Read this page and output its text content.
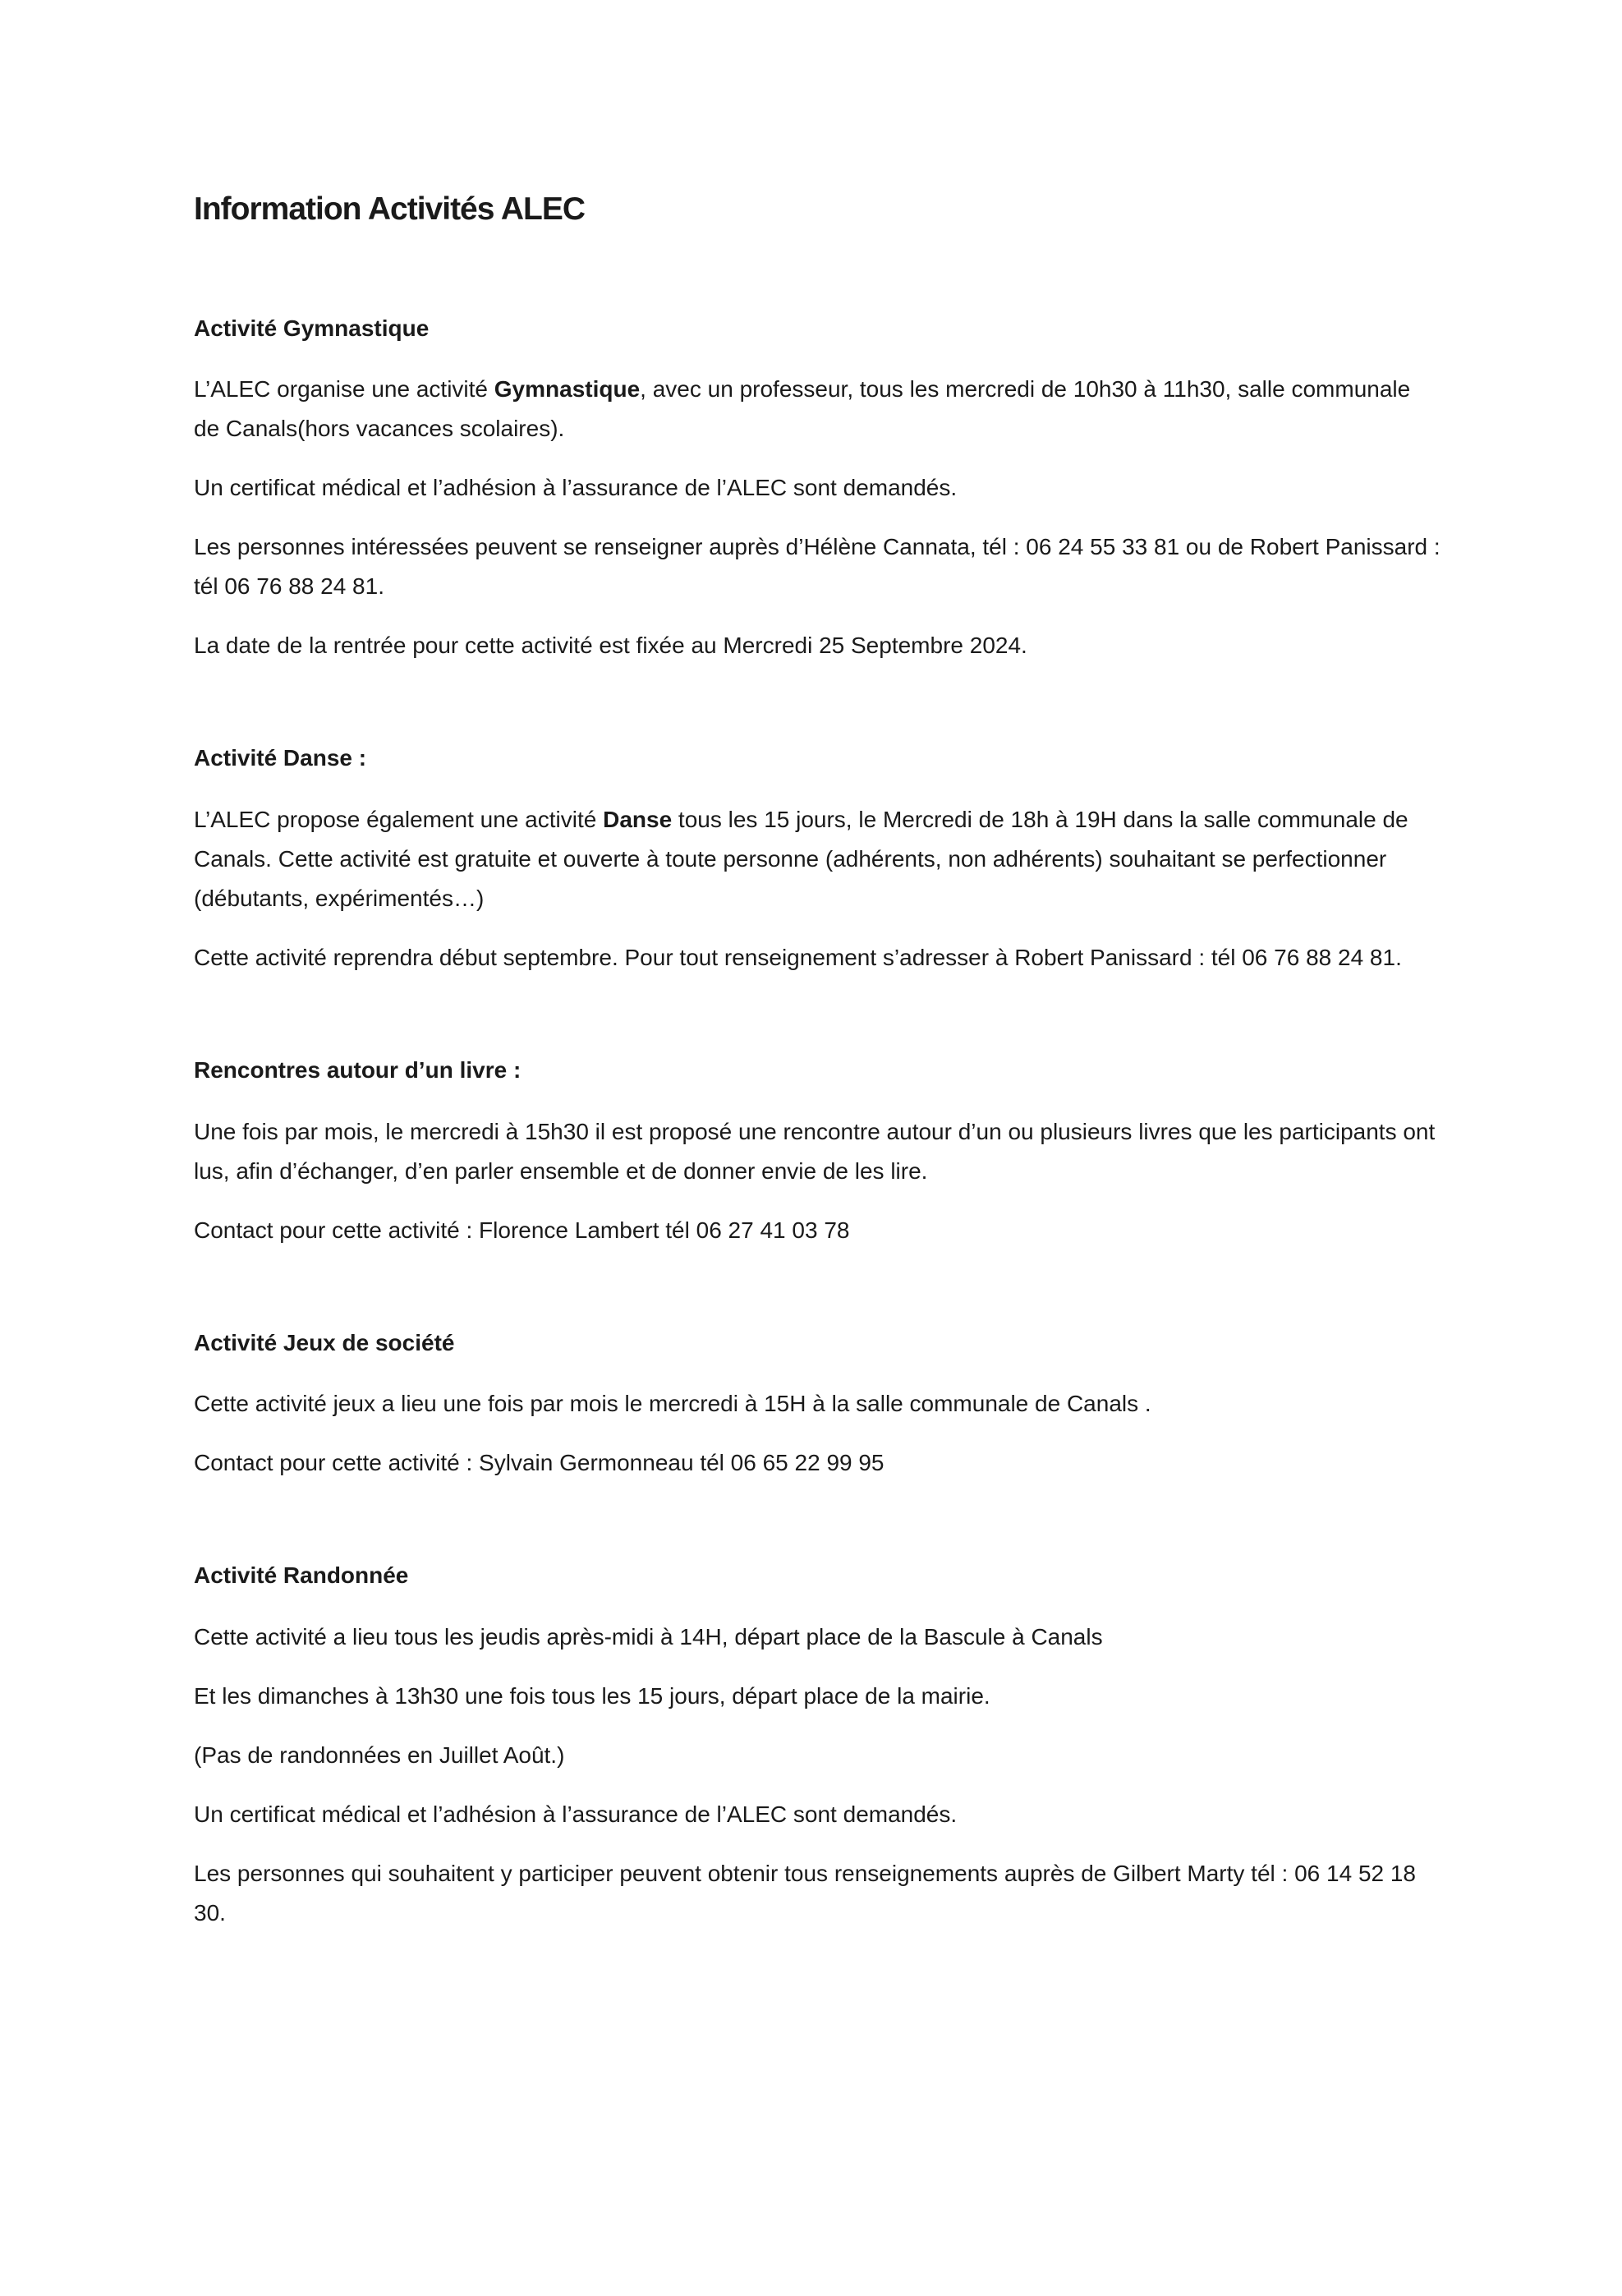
Information Activités ALEC
Activité Gymnastique

L’ALEC organise une activité Gymnastique, avec un professeur, tous les mercredi de 10h30 à 11h30, salle communale de Canals(hors vacances scolaires).

Un certificat médical et l’adhésion à l’assurance de l’ALEC sont demandés.

Les personnes intéressées peuvent se renseigner auprès d’Hélène Cannata, tél : 06 24 55 33 81 ou de Robert Panissard : tél 06 76 88 24 81.

La date de la rentrée pour cette activité est fixée au Mercredi 25 Septembre 2024.

Activité Danse :

L’ALEC propose également une activité Danse tous les 15 jours, le Mercredi de 18h à 19H dans la salle communale de Canals. Cette activité est gratuite et ouverte à toute personne (adhérents, non adhérents) souhaitant se perfectionner (débutants, expérimentés…)

Cette activité reprendra début septembre. Pour tout renseignement s’adresser à Robert Panissard : tél 06 76 88 24 81.

Rencontres autour d’un livre :

Une fois par mois, le mercredi à 15h30 il est proposé une rencontre autour d’un ou plusieurs livres que les participants ont lus, afin d’échanger, d’en parler ensemble et de donner envie de les lire.

Contact pour cette activité : Florence Lambert tél 06 27 41 03 78

Activité Jeux de société

Cette activité jeux a lieu une fois par mois le mercredi à 15H à la salle communale de Canals .

Contact pour cette activité : Sylvain Germonneau tél 06 65 22 99 95

Activité Randonnée

Cette activité a lieu tous les jeudis après-midi à 14H, départ place de la Bascule à Canals

Et les dimanches à 13h30 une fois tous les 15 jours, départ place de la mairie.

(Pas de randonnées en Juillet Août.)

Un certificat médical et l’adhésion à l’assurance de l’ALEC sont demandés.

Les personnes qui souhaitent y participer peuvent obtenir tous renseignements auprès de Gilbert Marty tél : 06 14 52 18 30.
